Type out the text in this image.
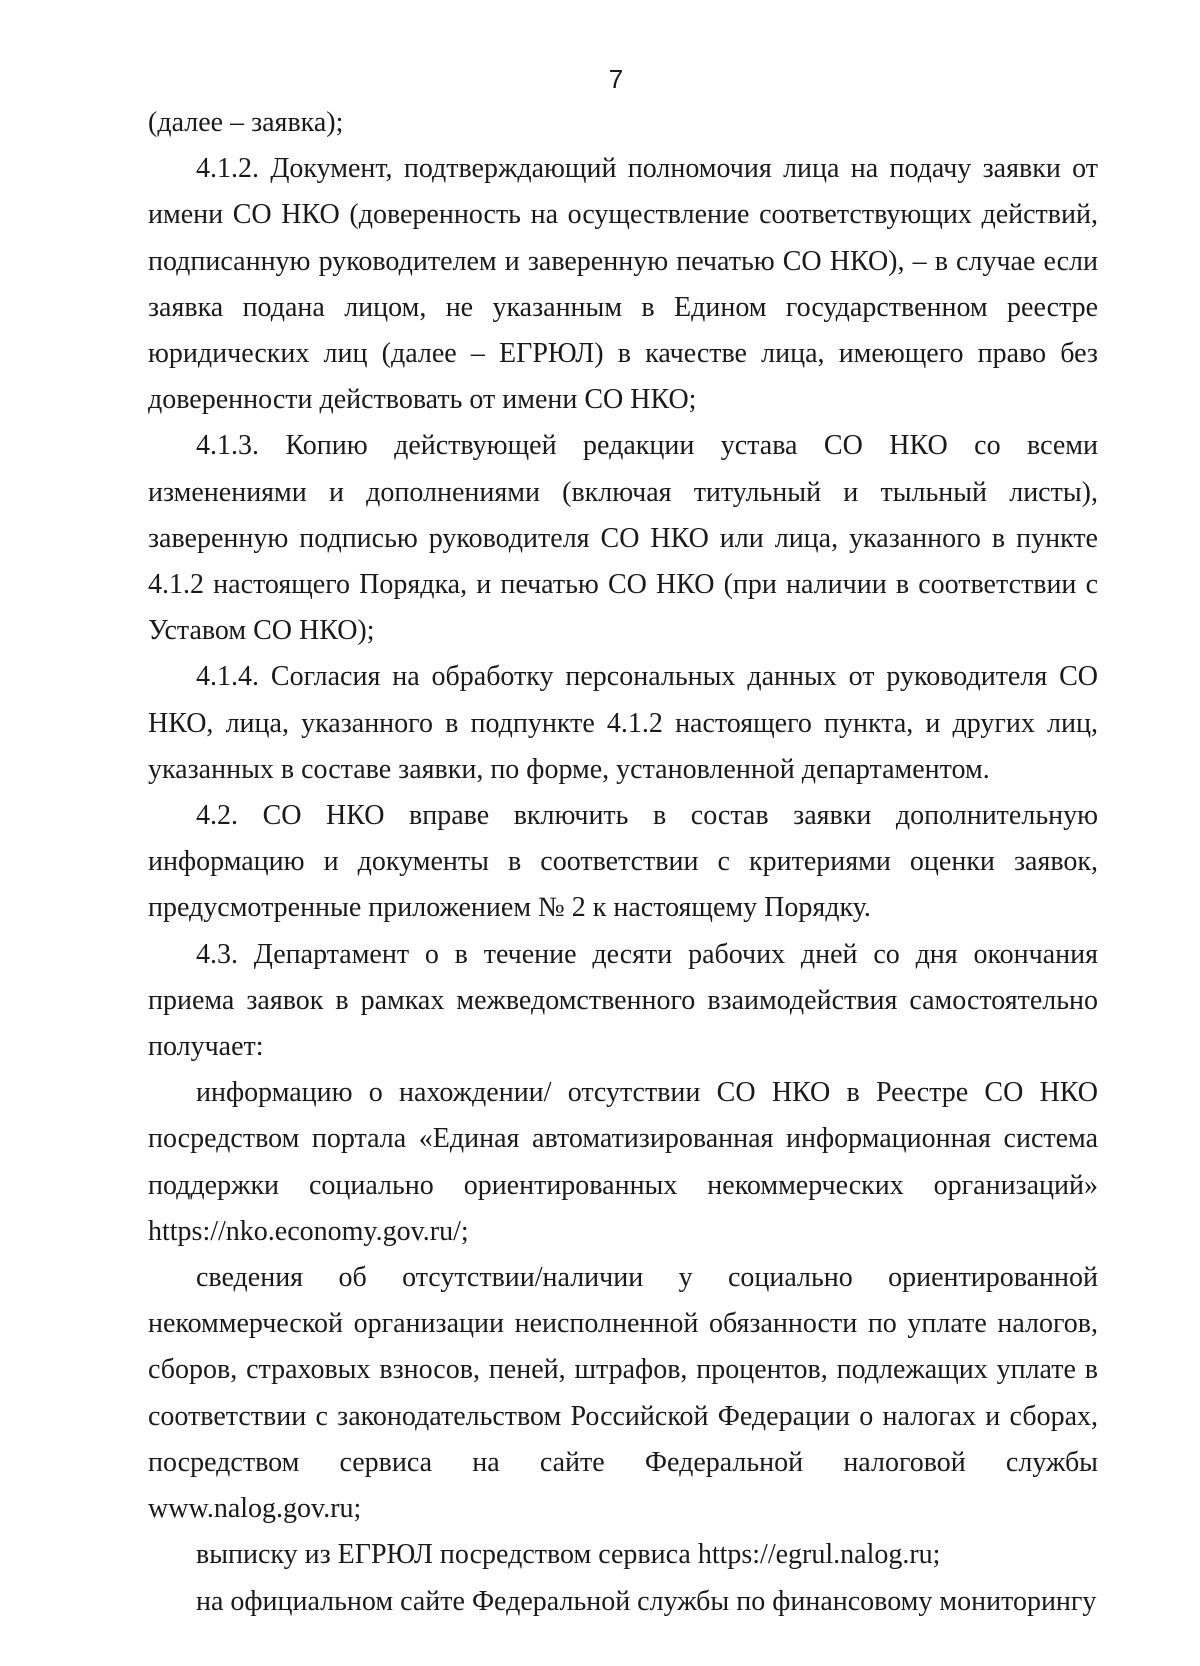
7

(далее – заявка);

4.1.2. Документ, подтверждающий полномочия лица на подачу заявки от имени СО НКО (доверенность на осуществление соответствующих действий, подписанную руководителем и заверенную печатью СО НКО), – в случае если заявка подана лицом, не указанным в Едином государственном реестре юридических лиц (далее – ЕГРЮЛ) в качестве лица, имеющего право без доверенности действовать от имени СО НКО;

4.1.3. Копию действующей редакции устава СО НКО со всеми изменениями и дополнениями (включая титульный и тыльный листы), заверенную подписью руководителя СО НКО или лица, указанного в пункте 4.1.2 настоящего Порядка, и печатью СО НКО (при наличии в соответствии с Уставом СО НКО);

4.1.4. Согласия на обработку персональных данных от руководителя СО НКО, лица, указанного в подпункте 4.1.2 настоящего пункта, и других лиц, указанных в составе заявки, по форме, установленной департаментом.

4.2. СО НКО вправе включить в состав заявки дополнительную информацию и документы в соответствии с критериями оценки заявок, предусмотренные приложением № 2 к настоящему Порядку.

4.3. Департамент о в течение десяти рабочих дней со дня окончания приема заявок в рамках межведомственного взаимодействия самостоятельно получает:

информацию о нахождении/ отсутствии СО НКО в Реестре СО НКО посредством портала «Единая автоматизированная информационная система поддержки социально ориентированных некоммерческих организаций» https://nko.economy.gov.ru/;

сведения об отсутствии/наличии у социально ориентированной некоммерческой организации неисполненной обязанности по уплате налогов, сборов, страховых взносов, пеней, штрафов, процентов, подлежащих уплате в соответствии с законодательством Российской Федерации о налогах и сборах, посредством сервиса на сайте Федеральной налоговой службы www.nalog.gov.ru;

выписку из ЕГРЮЛ посредством сервиса https://egrul.nalog.ru;

на официальном сайте Федеральной службы по финансовому мониторингу
